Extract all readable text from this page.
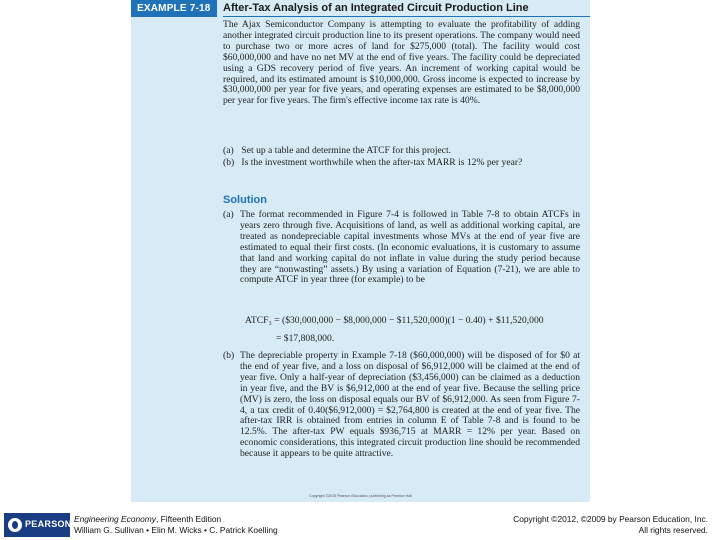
EXAMPLE 7-18	After-Tax Analysis of an Integrated Circuit Production Line
The Ajax Semiconductor Company is attempting to evaluate the profitability of adding another integrated circuit production line to its present operations. The company would need to purchase two or more acres of land for $275,000 (total). The facility would cost $60,000,000 and have no net MV at the end of five years. The facility could be depreciated using a GDS recovery period of five years. An increment of working capital would be required, and its estimated amount is $10,000,000. Gross income is expected to increase by $30,000,000 per year for five years, and operating expenses are estimated to be $8,000,000 per year for five years. The firm's effective income tax rate is 40%.
(a) Set up a table and determine the ATCF for this project.
(b) Is the investment worthwhile when the after-tax MARR is 12% per year?
Solution
(a) The format recommended in Figure 7-4 is followed in Table 7-8 to obtain ATCFs in years zero through five. Acquisitions of land, as well as additional working capital, are treated as nondepreciable capital investments whose MVs at the end of year five are estimated to equal their first costs. (In economic evaluations, it is customary to assume that land and working capital do not inflate in value during the study period because they are “nonwasting” assets.) By using a variation of Equation (7-21), we are able to compute ATCF in year three (for example) to be
ATCF₃ = ($30,000,000 − $8,000,000 − $11,520,000)(1 − 0.40) + $11,520,000
= $17,808,000.
(b) The depreciable property in Example 7-18 ($60,000,000) will be disposed of for $0 at the end of year five, and a loss on disposal of $6,912,000 will be claimed at the end of year five. Only a half-year of depreciation ($3,456,000) can be claimed as a deduction in year five, and the BV is $6,912,000 at the end of year five. Because the selling price (MV) is zero, the loss on disposal equals our BV of $6,912,000. As seen from Figure 7-4, a tax credit of 0.40($6,912,000) = $2,764,800 is created at the end of year five. The after-tax IRR is obtained from entries in column E of Table 7-8 and is found to be 12.5%. The after-tax PW equals $936,715 at MARR = 12% per year. Based on economic considerations, this integrated circuit production line should be recommended because it appears to be quite attractive.
Copyright ©2015 Pearson Education, publishing as Prentice Hall
PEARSON Engineering Economy, Fifteenth Edition
William G. Sullivan • Elin M. Wicks • C. Patrick Koelling
Copyright ©2012, ©2009 by Pearson Education, Inc.
All rights reserved.
